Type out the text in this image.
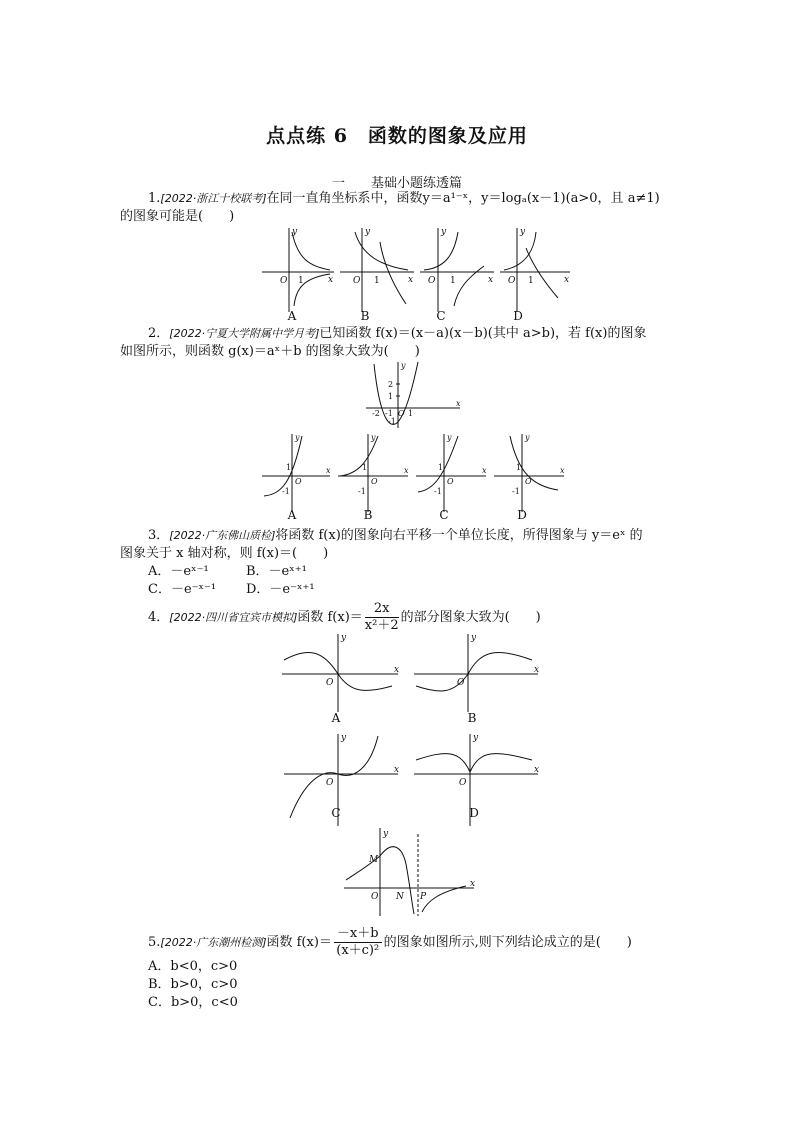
点点练 6　函数的图象及应用
一　　基础小题练透篇
1.[2022·浙江十校联考]在同一直角坐标系中，函数y＝a¹⁻ˣ，y＝logₐ(x－1)(a>0，且 a≠1)
的图象可能是(　　)
y
x
O 1
y
x
O 1
y
x
O 1
y
x
O 1
A	B	C	D
2．[2022·宁夏大学附属中学月考]已知函数 f(x)＝(x－a)(x－b)(其中 a>b)，若 f(x)的图象
如图所示，则函数 g(x)＝aˣ＋b 的图象大致为(　　)
2
1
-2 -1 O 1
-1
x
y
1
-1
O
x
y
1
-1
O
x
y
1
-1
O
x
y
1
-1
O
x
y
A	B	C	D
3．[2022·广东佛山质检]将函数 f(x)的图象向右平移一个单位长度，所得图象与 y＝eˣ 的
图象关于 x 轴对称，则 f(x)＝(　　)
A．－eˣ⁻¹	B．－eˣ⁺¹
C．－e⁻ˣ⁻¹ D．－e⁻ˣ⁺¹
4．[2022·四川省宜宾市模拟]函数 $f(x)= \frac{2x}{\text{x²＋2}}$ 的部分图象大致为(　　)
y
x
O
y
x
O
y
x
O
y
x
O
A	B
C	D
M
O N P
y
x
5.[2022·广东潮州检测]函数 $f(x)= \frac{-x+b}{\text{(x＋c)²}}$ 的图象如图所示,则下列结论成立的是(　　)
A．b<0，c>0
B．b>0，c>0
C．b>0，c<0
